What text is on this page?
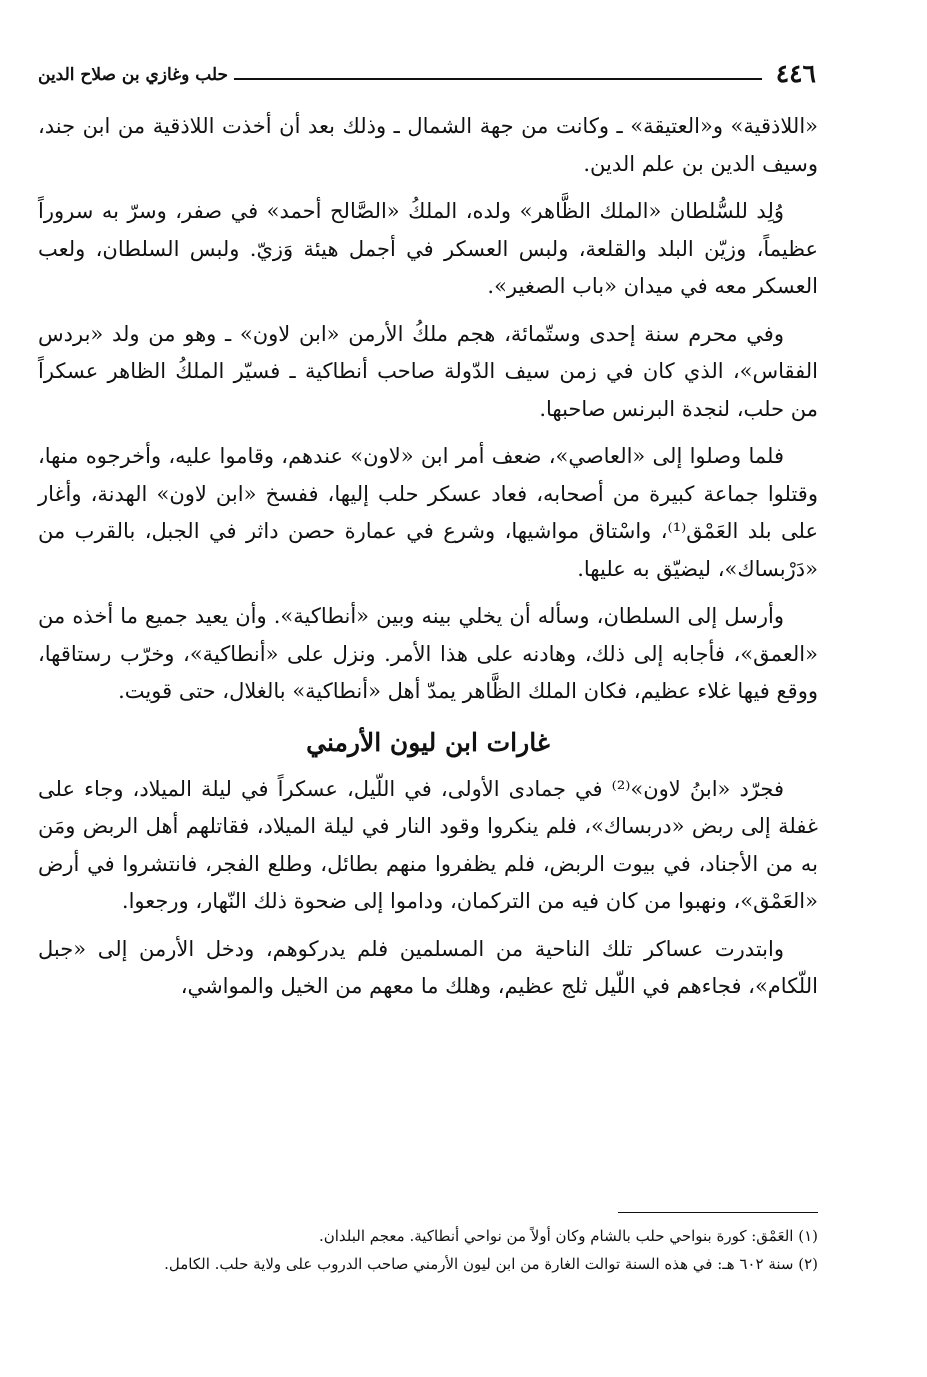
٤٤٦
حلب وغازي بن صلاح الدين

«اللاذقية» و«العتيقة» ـ وكانت من جهة الشمال ـ وذلك بعد أن أخذت اللاذقية من ابن جند، وسيف الدين بن علم الدين.

وُلِد للسُّلطان «الملك الظَّاهر» ولده، الملكُ «الصَّالح أحمد» في صفر، وسرّ به سروراً عظيماً، وزيّن البلد والقلعة، ولبس العسكر في أجمل هيئة وَزيّ. ولبس السلطان، ولعب العسكر معه في ميدان «باب الصغير».

وفي محرم سنة إحدى وستّمائة، هجم ملكُ الأرمن «ابن لاون» ـ وهو من ولد «بردس الفقاس»، الذي كان في زمن سيف الدّولة صاحب أنطاكية ـ فسيّر الملكُ الظاهر عسكراً من حلب، لنجدة البرنس صاحبها.

فلما وصلوا إلى «العاصي»، ضعف أمر ابن «لاون» عندهم، وقاموا عليه، وأخرجوه منها، وقتلوا جماعة كبيرة من أصحابه، فعاد عسكر حلب إليها، ففسخ «ابن لاون» الهدنة، وأغار على بلد العَمْق⁽¹⁾، واسْتاق مواشيها، وشرع في عمارة حصن داثر في الجبل، بالقرب من «دَرْبساك»، ليضيّق به عليها.

وأرسل إلى السلطان، وسأله أن يخلي بينه وبين «أنطاكية». وأن يعيد جميع ما أخذه من «العمق»، فأجابه إلى ذلك، وهادنه على هذا الأمر. ونزل على «أنطاكية»، وخرّب رستاقها، ووقع فيها غلاء عظيم، فكان الملك الظَّاهر يمدّ أهل «أنطاكية» بالغلال، حتى قويت.

غارات ابن ليون الأرمني

فجرّد «ابنُ لاون»⁽²⁾ في جمادى الأولى، في اللّيل، عسكراً في ليلة الميلاد، وجاء على غفلة إلى ربض «دربساك»، فلم ينكروا وقود النار في ليلة الميلاد، فقاتلهم أهل الربض ومَن به من الأجناد، في بيوت الربض، فلم يظفروا منهم بطائل، وطلع الفجر، فانتشروا في أرض «العَمْق»، ونهبوا من كان فيه من التركمان، وداموا إلى ضحوة ذلك النّهار، ورجعوا.

وابتدرت عساكر تلك الناحية من المسلمين فلم يدركوهم، ودخل الأرمن إلى «جبل اللّكام»، فجاءهم في اللّيل ثلج عظيم، وهلك ما معهم من الخيل والمواشي،

(١) العَمْق: كورة بنواحي حلب بالشام وكان أولاً من نواحي أنطاكية. معجم البلدان.

(٢) سنة ٦٠٢ هـ: في هذه السنة توالت الغارة من ابن ليون الأرمني صاحب الدروب على ولاية حلب. الكامل.
